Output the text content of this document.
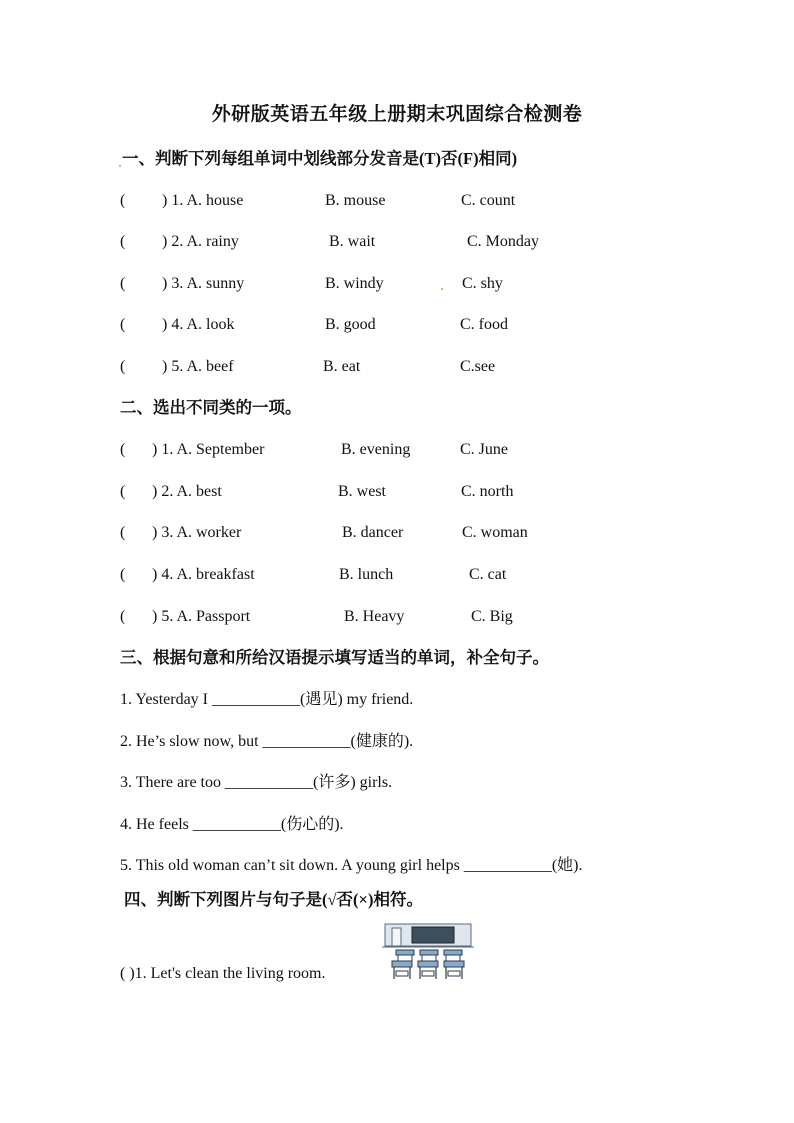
外研版英语五年级上册期末巩固综合检测卷
一、判断下列每组单词中划线部分发音是(T)否(F)相同)
( ) 1. A. house	B. mouse	C. count
( ) 2. A. rainy	B. wait	C. Monday
( ) 3. A. sunny	B. windy	C. shy
( ) 4. A. look	B. good	C. food
( ) 5. A. beef	B. eat	C.see
二、选出不同类的一项。
( ) 1. A. September	B. evening	C. June
( ) 2. A. best	B. west	C. north
( ) 3. A. worker	B. dancer	C. woman
( ) 4. A. breakfast	B. lunch	C. cat
( ) 5. A. Passport	B. Heavy	C. Big
三、根据句意和所给汉语提示填写适当的单词，补全句子。
1. Yesterday I ___________(遇见) my friend.
2. He’s slow now, but ___________(健康的).
3. There are too ___________(许多) girls.
4. He feels ___________(伤心的).
5. This old woman can’t sit down. A young girl helps ___________(她).
四、判断下列图片与句子是(√否(×)相符。
( )1. Let's clean the living room.
